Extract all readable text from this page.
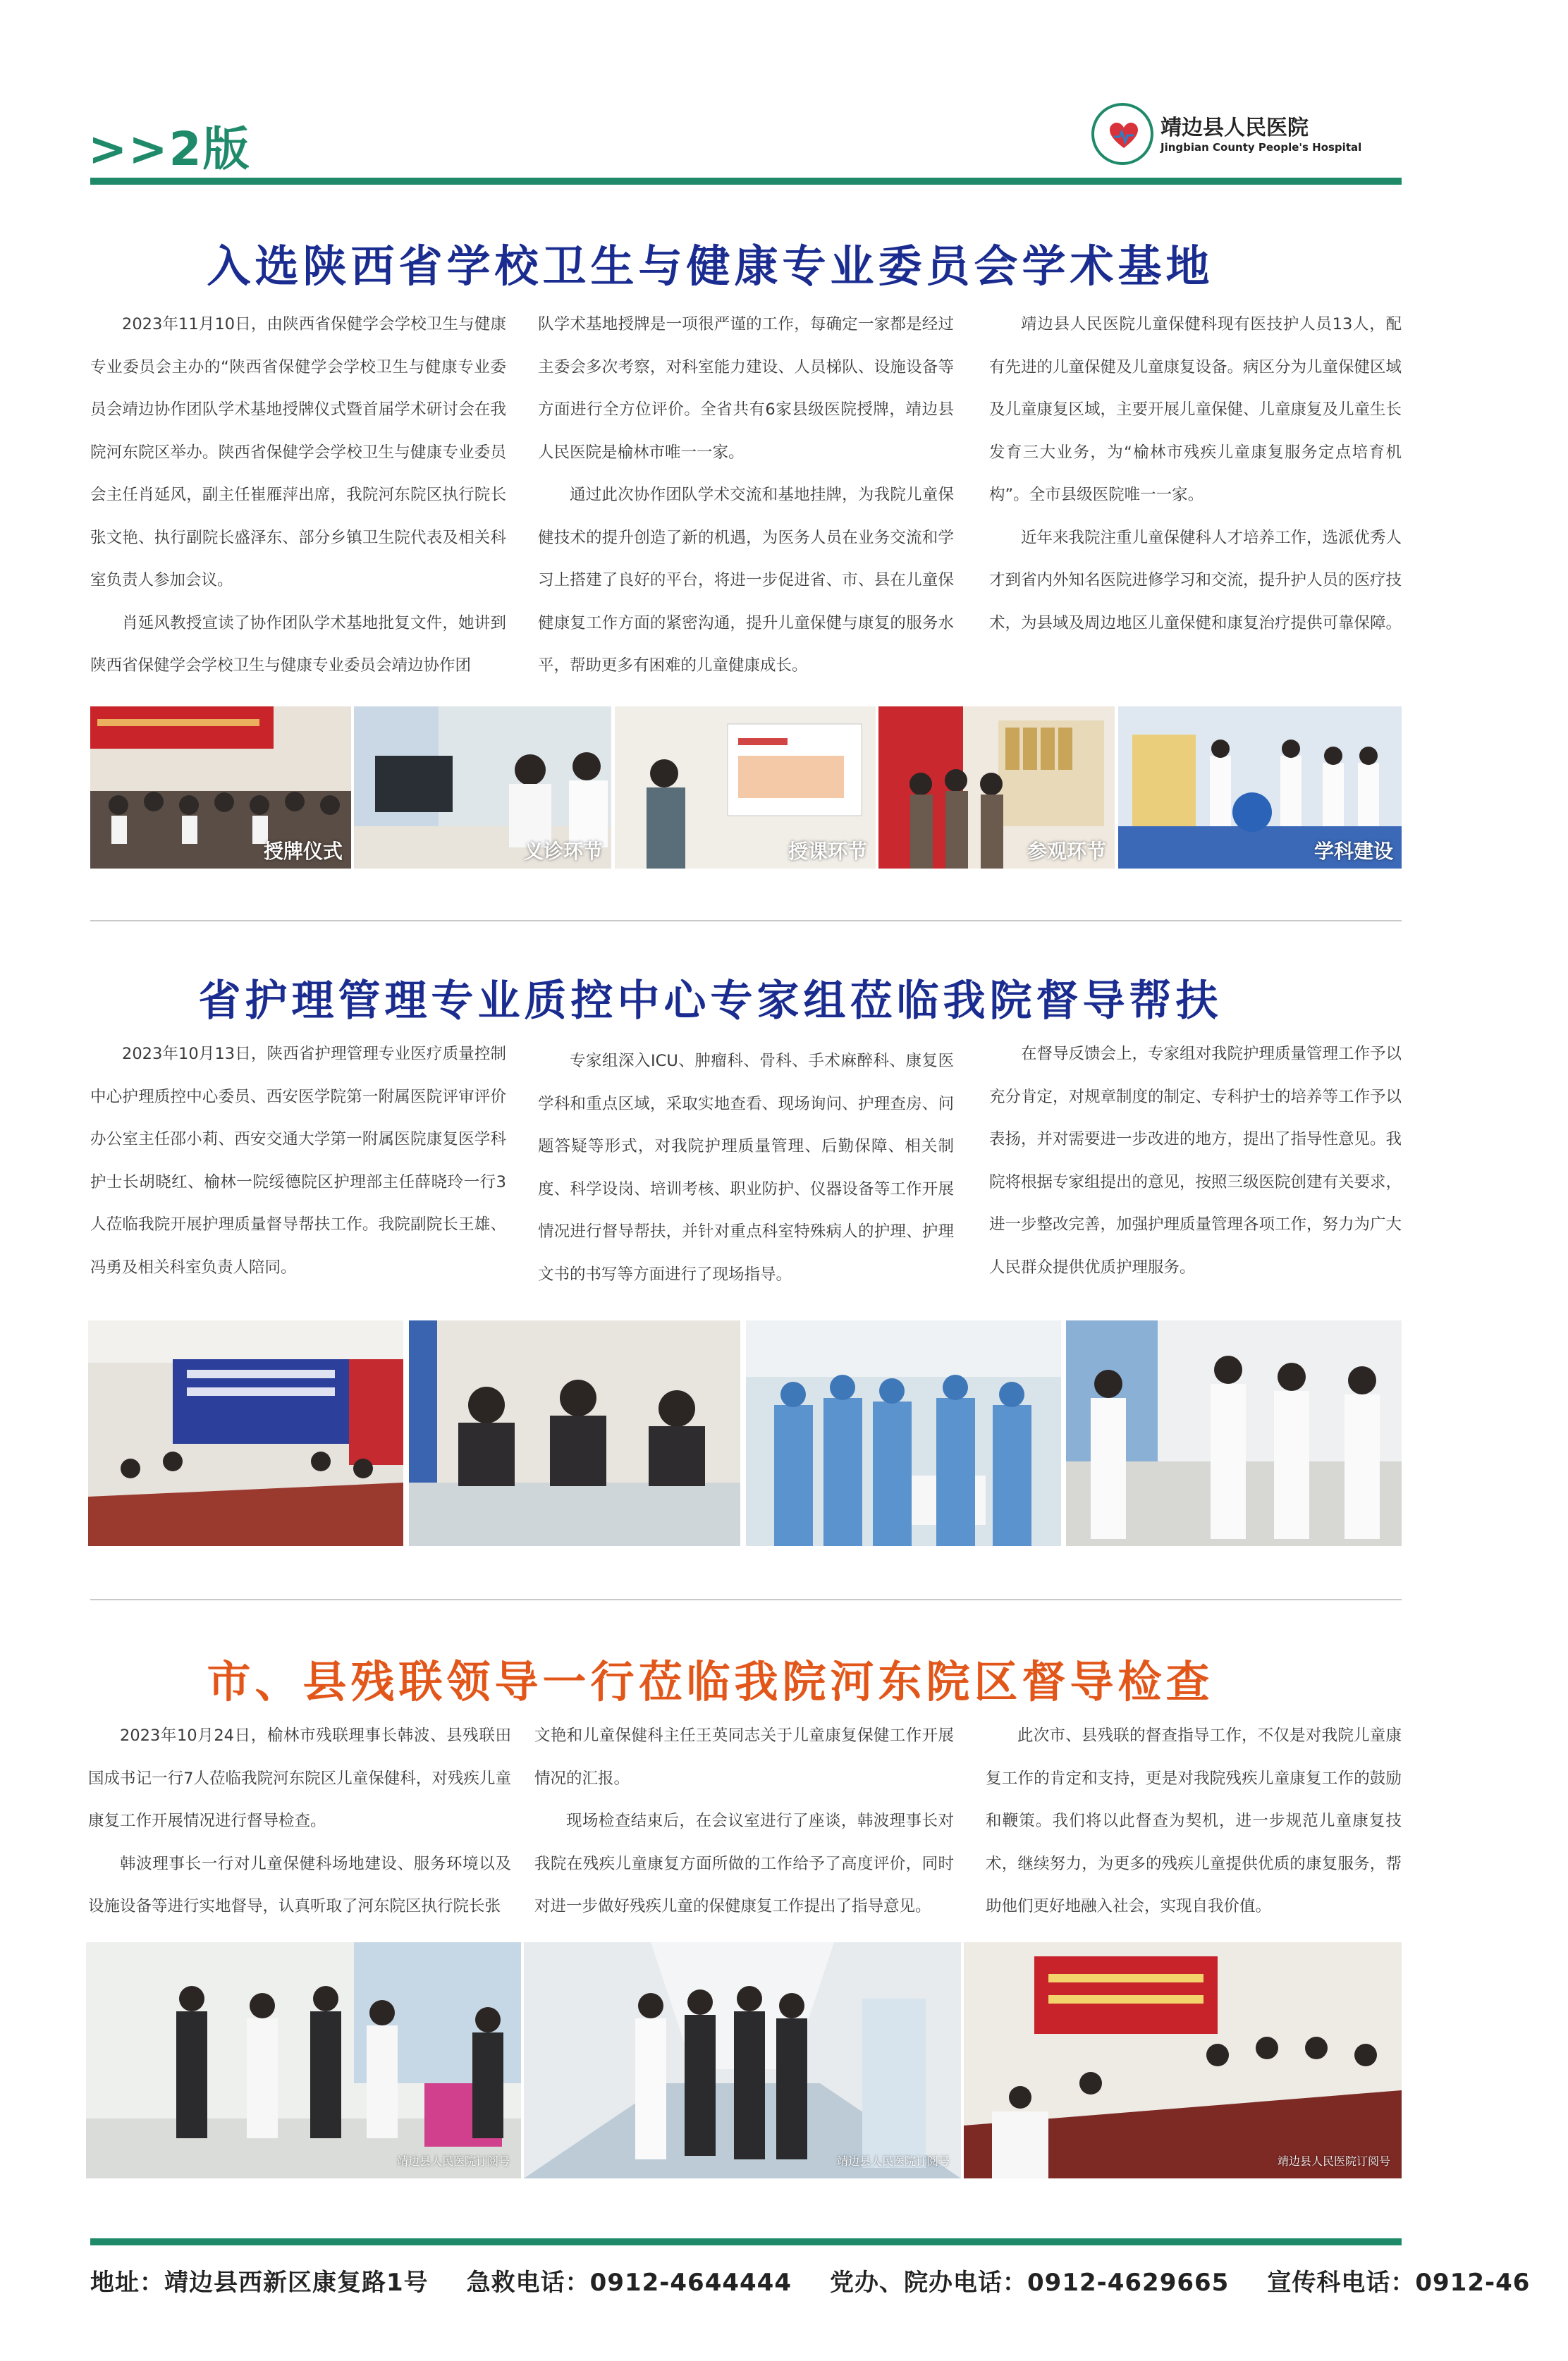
>>2版	靖边县人民医院
Jingbian County People's Hospital
入选陕西省学校卫生与健康专业委员会学术基地

2023年11月10日，由陕西省保健学会学校卫生与健康专业委员会主办的“陕西省保健学会学校卫生与健康专业委员会靖边协作团队学术基地授牌仪式暨首届学术研讨会在我院河东院区举办。陕西省保健学会学校卫生与健康专业委员会主任肖延风，副主任崔雁萍出席，我院河东院区执行院长张文艳、执行副院长盛泽东、部分乡镇卫生院代表及相关科室负责人参加会议。

肖延风教授宣读了协作团队学术基地批复文件，她讲到陕西省保健学会学校卫生与健康专业委员会靖边协作团

队学术基地授牌是一项很严谨的工作，每确定一家都是经过主委会多次考察，对科室能力建设、人员梯队、设施设备等方面进行全方位评价。全省共有6家县级医院授牌，靖边县人民医院是榆林市唯一一家。

通过此次协作团队学术交流和基地挂牌，为我院儿童保健技术的提升创造了新的机遇，为医务人员在业务交流和学习上搭建了良好的平台，将进一步促进省、市、县在儿童保健康复工作方面的紧密沟通，提升儿童保健与康复的服务水平，帮助更多有困难的儿童健康成长。

靖边县人民医院儿童保健科现有医技护人员13人，配有先进的儿童保健及儿童康复设备。病区分为儿童保健区域及儿童康复区域，主要开展儿童保健、儿童康复及儿童生长发育三大业务，为“榆林市残疾儿童康复服务定点培育机构”。全市县级医院唯一一家。

近年来我院注重儿童保健科人才培养工作，选派优秀人才到省内外知名医院进修学习和交流，提升护人员的医疗技术，为县域及周边地区儿童保健和康复治疗提供可靠保障。

授牌仪式	义诊环节	授课环节	参观环节	学科建设
省护理管理专业质控中心专家组莅临我院督导帮扶

2023年10月13日，陕西省护理管理专业医疗质量控制中心护理质控中心委员、西安医学院第一附属医院评审评价办公室主任邵小莉、西安交通大学第一附属医院康复医学科护士长胡晓红、榆林一院绥德院区护理部主任薛晓玲一行3人莅临我院开展护理质量督导帮扶工作。我院副院长王雄、冯勇及相关科室负责人陪同。

专家组深入ICU、肿瘤科、骨科、手术麻醉科、康复医学科和重点区域，采取实地查看、现场询问、护理查房、问题答疑等形式，对我院护理质量管理、后勤保障、相关制度、科学设岗、培训考核、职业防护、仪器设备等工作开展情况进行督导帮扶，并针对重点科室特殊病人的护理、护理文书的书写等方面进行了现场指导。

在督导反馈会上，专家组对我院护理质量管理工作予以充分肯定，对规章制度的制定、专科护士的培养等工作予以表扬，并对需要进一步改进的地方，提出了指导性意见。我院将根据专家组提出的意见，按照三级医院创建有关要求，进一步整改完善，加强护理质量管理各项工作，努力为广大人民群众提供优质护理服务。

市、县残联领导一行莅临我院河东院区督导检查

2023年10月24日，榆林市残联理事长韩波、县残联田国成书记一行7人莅临我院河东院区儿童保健科，对残疾儿童康复工作开展情况进行督导检查。

韩波理事长一行对儿童保健科场地建设、服务环境以及设施设备等进行实地督导，认真听取了河东院区执行院长张

文艳和儿童保健科主任王英同志关于儿童康复保健工作开展情况的汇报。

现场检查结束后，在会议室进行了座谈，韩波理事长对我院在残疾儿童康复方面所做的工作给予了高度评价，同时对进一步做好残疾儿童的保健康复工作提出了指导意见。

此次市、县残联的督查指导工作，不仅是对我院儿童康复工作的肯定和支持，更是对我院残疾儿童康复工作的鼓励和鞭策。我们将以此督查为契机，进一步规范儿童康复技术，继续努力，为更多的残疾儿童提供优质的康复服务，帮助他们更好地融入社会，实现自我价值。

靖边县人民医院订阅号	靖边县人民医院订阅号	靖边县人民医院订阅号
地址：靖边县西新区康复路1号 急救电话：0912-4644444 党办、院办电话：0912-4629665 宣传科电话：0912-46
